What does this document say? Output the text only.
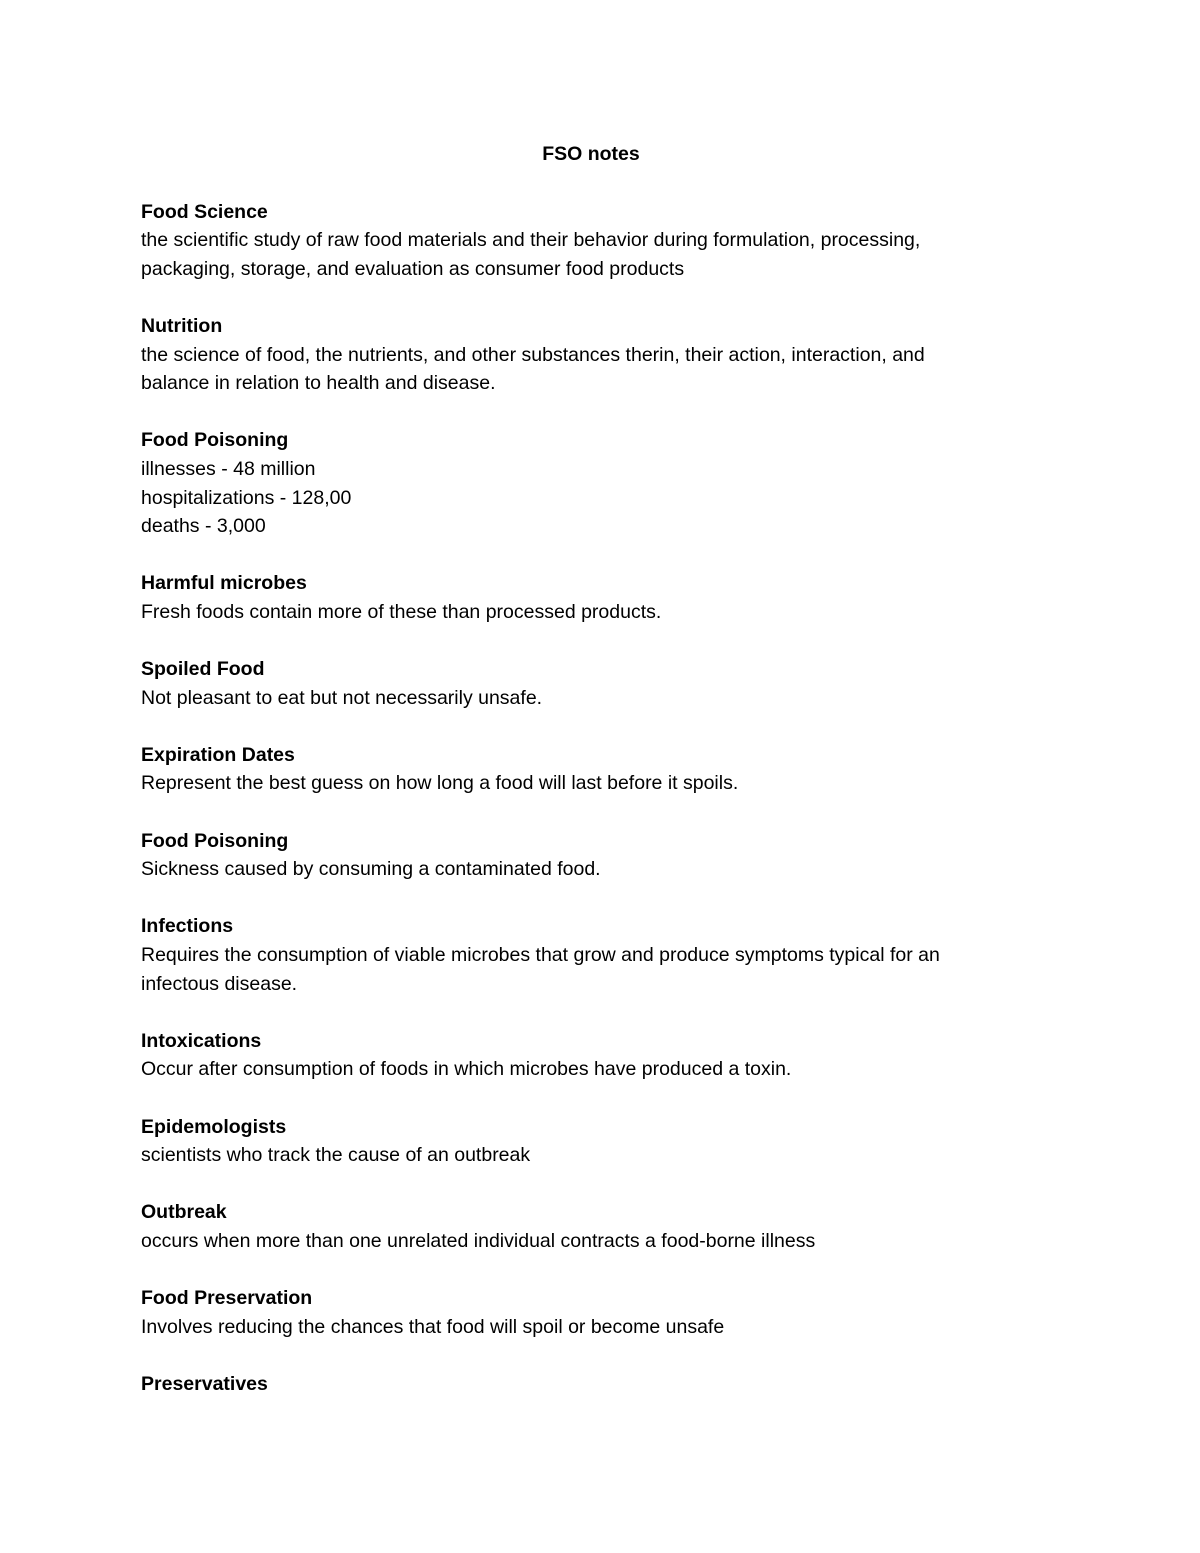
FSO notes
Food Science
the scientific study of raw food materials and their behavior during formulation, processing,
packaging, storage, and evaluation as consumer food products
Nutrition
the science of food, the nutrients, and other substances therin, their action, interaction, and
balance in relation to health and disease.
Food Poisoning
illnesses - 48 million
hospitalizations - 128,00
deaths - 3,000
Harmful microbes
Fresh foods contain more of these than processed products.
Spoiled Food
Not pleasant to eat but not necessarily unsafe.
Expiration Dates
Represent the best guess on how long a food will last before it spoils.
Food Poisoning
Sickness caused by consuming a contaminated food.
Infections
Requires the consumption of viable microbes that grow and produce symptoms typical for an
infectous disease.
Intoxications
Occur after consumption of foods in which microbes have produced a toxin.
Epidemologists
scientists who track the cause of an outbreak
Outbreak
occurs when more than one unrelated individual contracts a food-borne illness
Food Preservation
Involves reducing the chances that food will spoil or become unsafe
Preservatives
